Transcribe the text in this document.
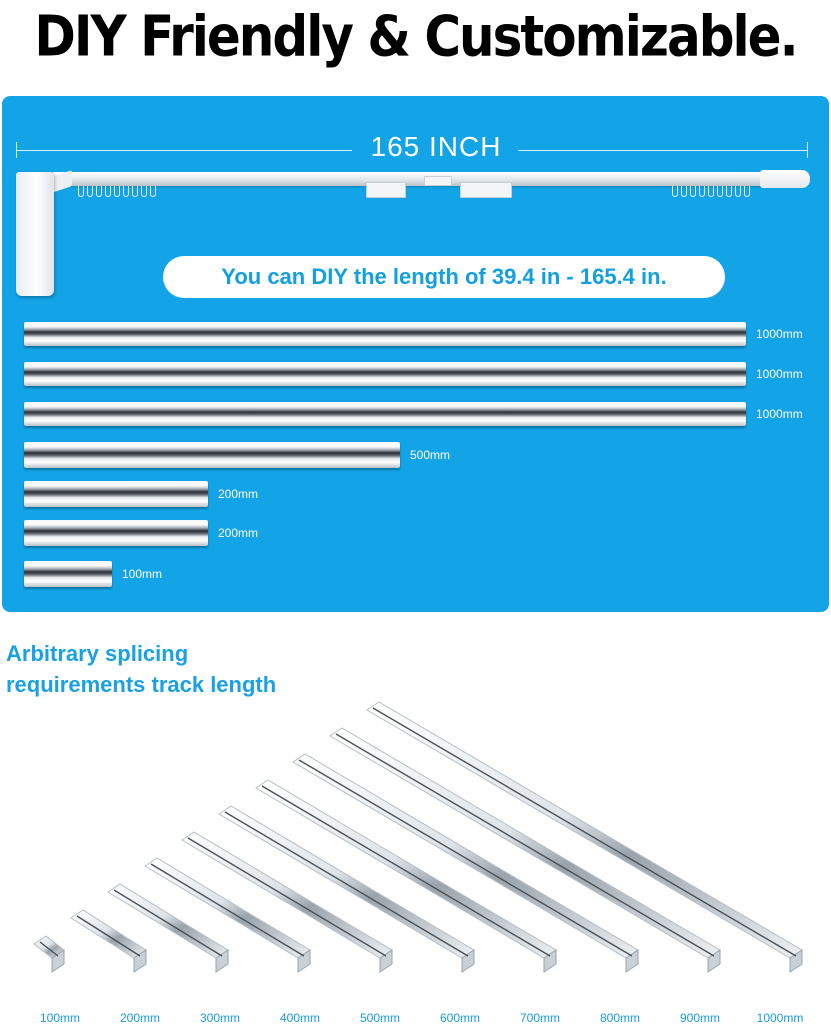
DIY Friendly & Customizable.
165 INCH
You can DIY the length of 39.4 in - 165.4 in.
1000mm
1000mm
1000mm
500mm
200mm
200mm
100mm
Arbitrary splicing
requirements track length
100mm	200mm	300mm	400mm	500mm	600mm	700mm	800mm	900mm	1000mm
